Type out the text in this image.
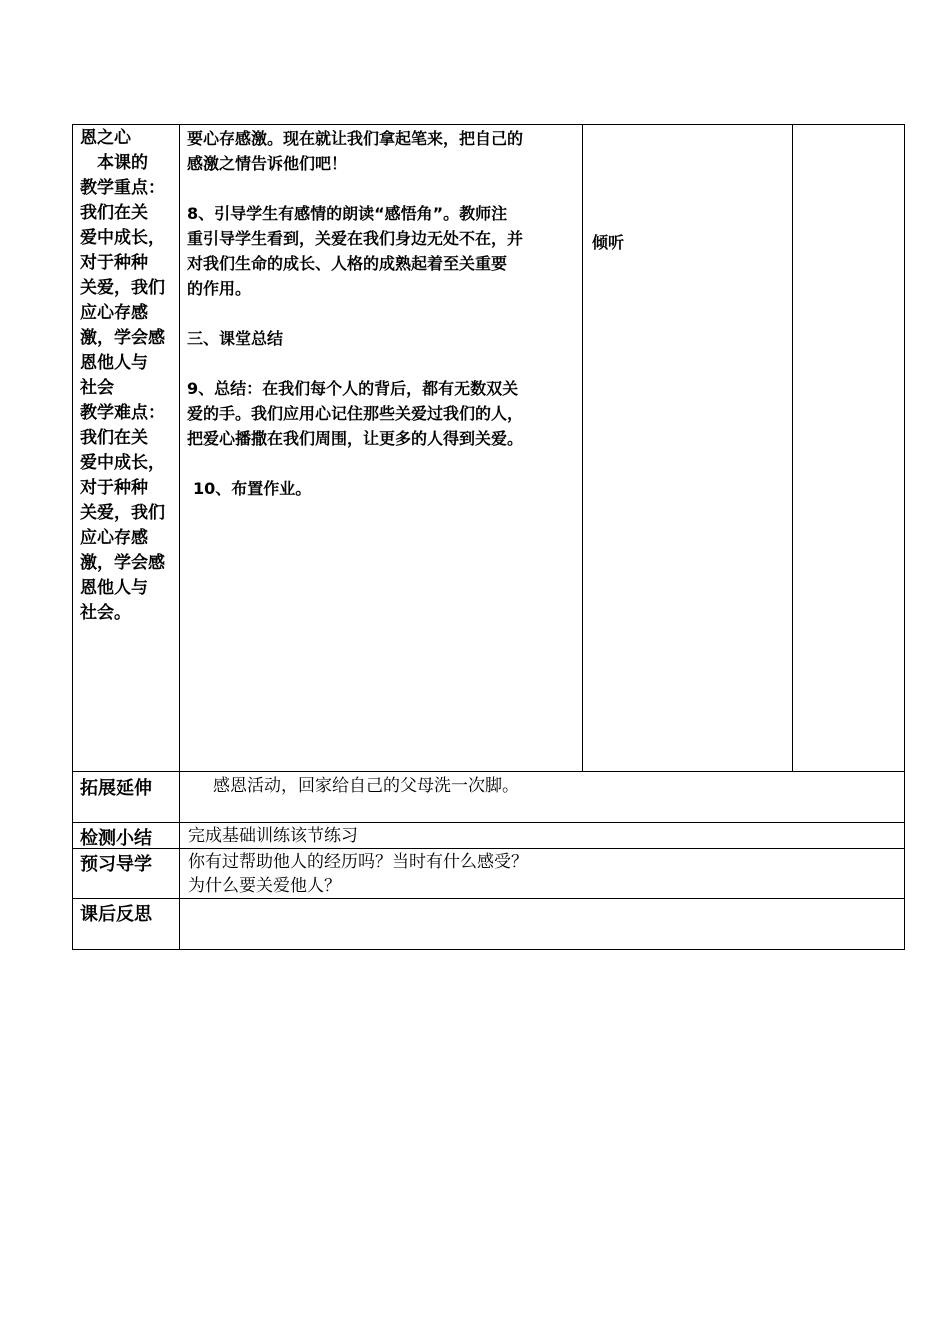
恩之心
　本课的
教学重点：
我们在关
爱中成长，
对于种种
关爱，我们
应心存感
激，学会感
恩他人与
社会
教学难点：
我们在关
爱中成长，
对于种种
关爱，我们
应心存感
激，学会感
恩他人与
社会。

要心存感激。现在就让我们拿起笔来，把自己的

感激之情告诉他们吧！

8、引导学生有感情的朗读“感悟角”。教师注

重引导学生看到，关爱在我们身边无处不在，并

对我们生命的成长、人格的成熟起着至关重要

的作用。

三、课堂总结

9、总结：在我们每个人的背后，都有无数双关

爱的手。我们应用心记住那些关爱过我们的人，

把爱心播撒在我们周围，让更多的人得到关爱。

10、布置作业。

倾听
拓展延伸	　感恩活动，回家给自己的父母洗一次脚。
检测小结 完成基础训练该节练习
预习导学 你有过帮助他人的经历吗？当时有什么感受？
为什么要关爱他人？
课后反思
